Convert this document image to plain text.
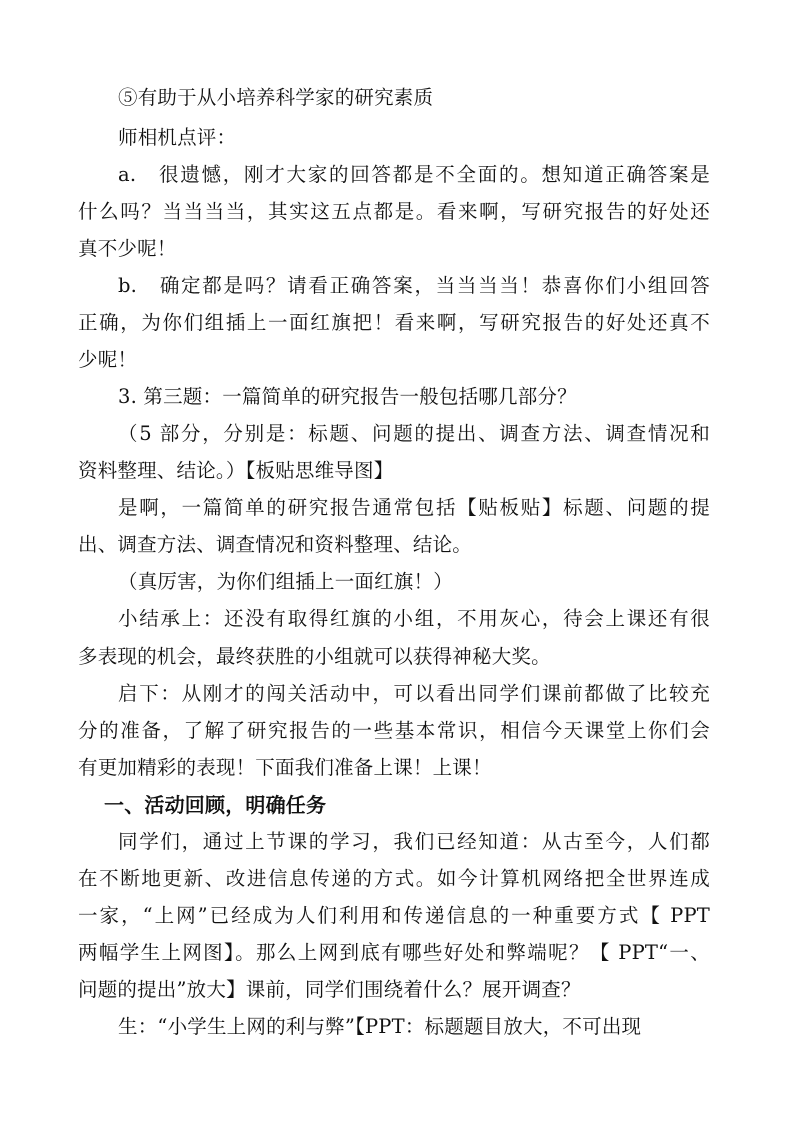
⑤有助于从小培养科学家的研究素质
师相机点评：
a.　很遗憾，刚才大家的回答都是不全面的。想知道正确答案是
什么吗？当当当当，其实这五点都是。看来啊，写研究报告的好处还
真不少呢！
b.　确定都是吗？请看正确答案，当当当当！恭喜你们小组回答
正确，为你们组插上一面红旗把！看来啊，写研究报告的好处还真不
少呢！
3. 第三题：一篇简单的研究报告一般包括哪几部分？
（5 部分，分别是：标题、问题的提出、调查方法、调查情况和
资料整理、结论。）【板贴思维导图】
是啊，一篇简单的研究报告通常包括【贴板贴】标题、问题的提
出、调查方法、调查情况和资料整理、结论。
（真厉害，为你们组插上一面红旗！）
小结承上：还没有取得红旗的小组，不用灰心，待会上课还有很
多表现的机会，最终获胜的小组就可以获得神秘大奖。
启下：从刚才的闯关活动中，可以看出同学们课前都做了比较充
分的准备，了解了研究报告的一些基本常识，相信今天课堂上你们会
有更加精彩的表现！下面我们准备上课！上课！
一、活动回顾，明确任务
同学们，通过上节课的学习，我们已经知道：从古至今，人们都
在不断地更新、改进信息传递的方式。如今计算机网络把全世界连成
一家，“上网”已经成为人们利用和传递信息的一种重要方式【 PPT
两幅学生上网图】。那么上网到底有哪些好处和弊端呢？【 PPT“一、
问题的提出”放大】课前，同学们围绕着什么？展开调查？
生：“小学生上网的利与弊”【PPT：标题题目放大，不可出现
